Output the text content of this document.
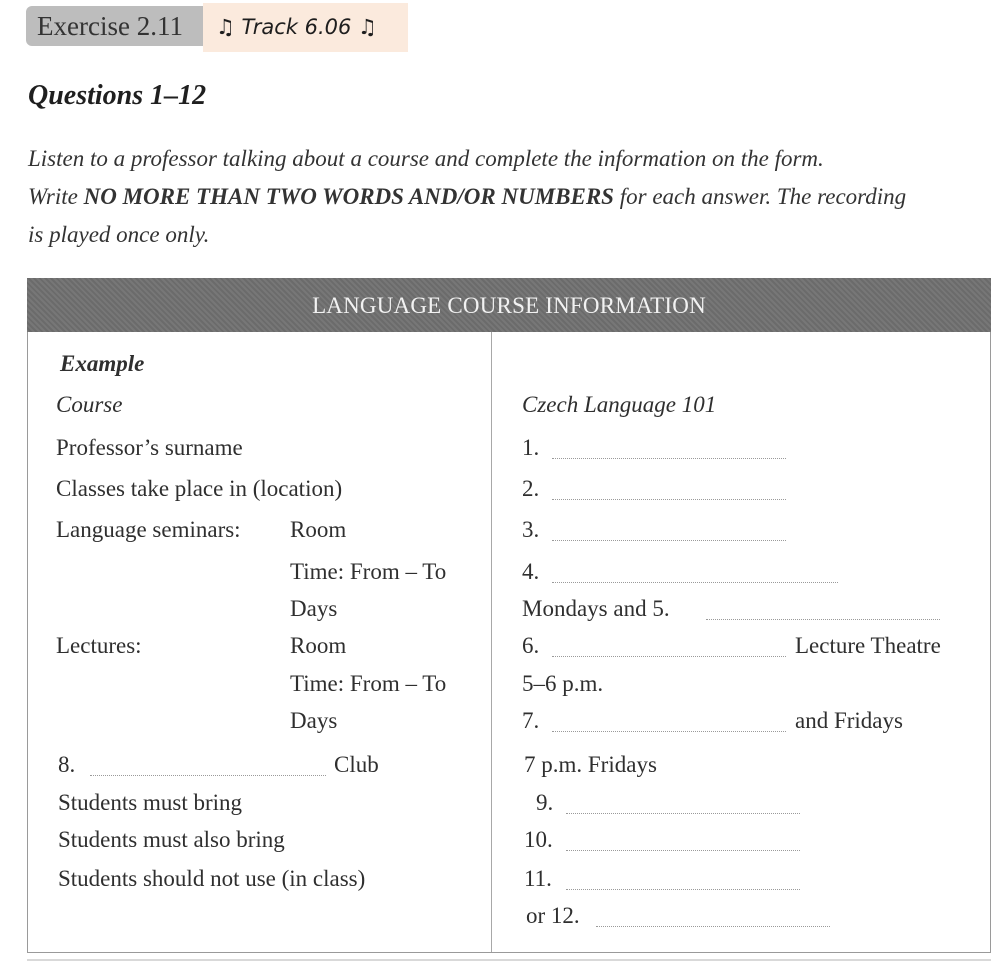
Exercise 2.11	♫ Track 6.06 ♫
Questions 1–12
Listen to a professor talking about a course and complete the information on the form.
Write NO MORE THAN TWO WORDS AND/OR NUMBERS for each answer. The recording
is played once only.
LANGUAGE COURSE INFORMATION
Example
Course	Czech Language 101
Professor’s surname	1.
Classes take place in (location)	2.
Language seminars: Room	3.
Time: From – To	4.
Days	Mondays and 5.
Lectures:	Room	6.	Lecture Theatre
Time: From – To	5–6 p.m.
Days	7.	and Fridays
8.	Club	7 p.m. Fridays
Students must bring	9.
Students must also bring	10.
Students should not use (in class)	11.
or 12.
